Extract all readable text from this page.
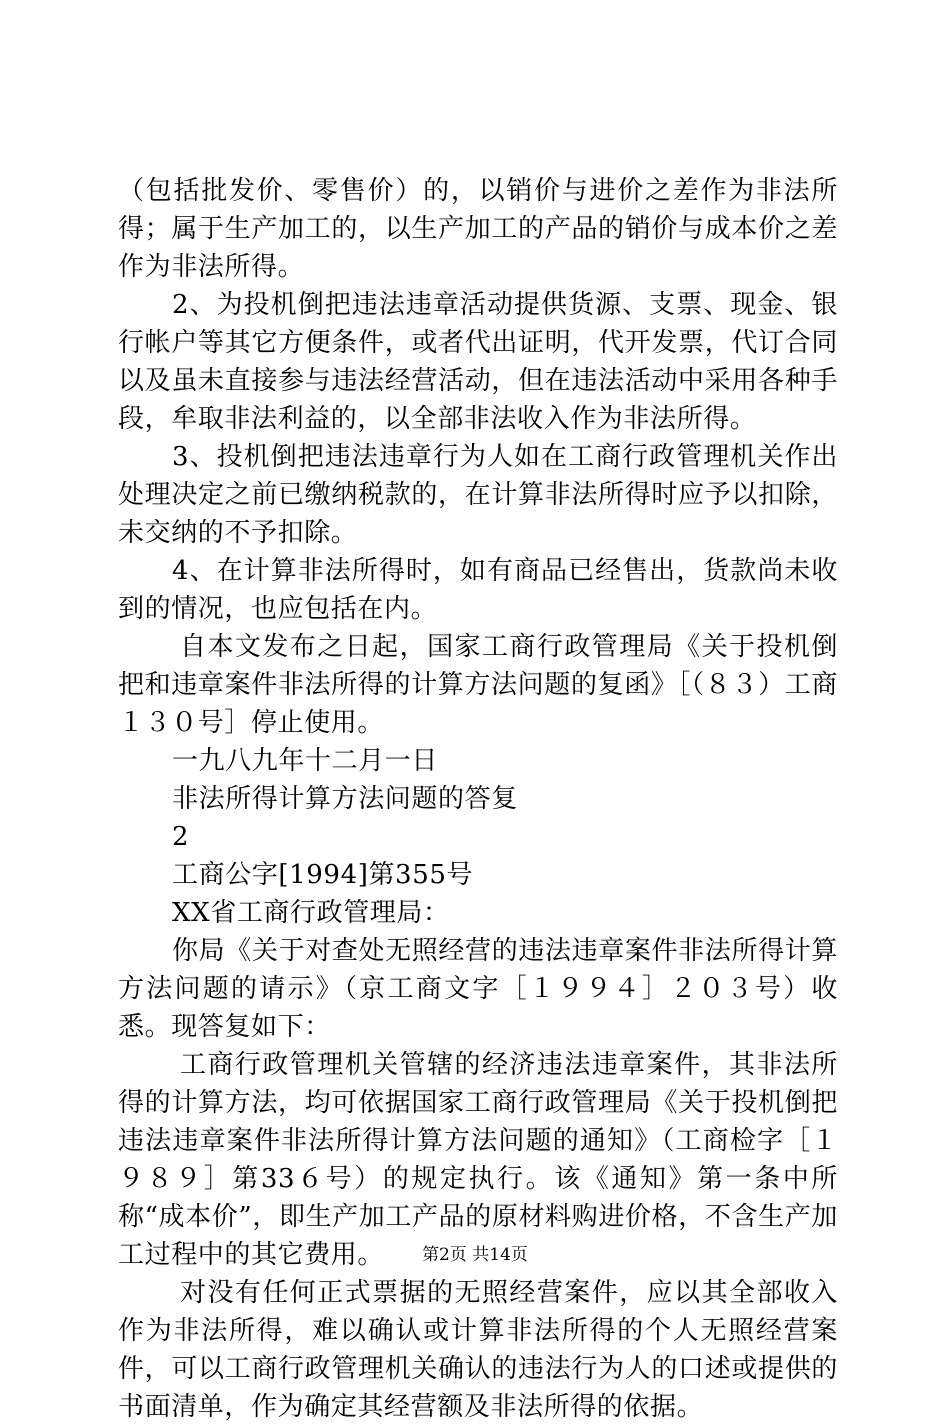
（包括批发价、零售价）的，以销价与进价之差作为非法所得；属于生产加工的，以生产加工的产品的销价与成本价之差作为非法所得。

2、为投机倒把违法违章活动提供货源、支票、现金、银行帐户等其它方便条件，或者代出证明，代开发票，代订合同以及虽未直接参与违法经营活动，但在违法活动中采用各种手段，牟取非法利益的，以全部非法收入作为非法所得。

3、投机倒把违法违章行为人如在工商行政管理机关作出处理决定之前已缴纳税款的，在计算非法所得时应予以扣除，未交纳的不予扣除。

4、在计算非法所得时，如有商品已经售出，货款尚未收到的情况，也应包括在内。

自本文发布之日起，国家工商行政管理局《关于投机倒把和违章案件非法所得的计算方法问题的复函》［（８３）工商１３０号］停止使用。

一九八九年十二月一日

非法所得计算方法问题的答复

2

工商公字[1994]第355号

XX省工商行政管理局：

你局《关于对查处无照经营的违法违章案件非法所得计算方法问题的请示》（京工商文字［１９９４］２０３号）收悉。现答复如下：

工商行政管理机关管辖的经济违法违章案件，其非法所得的计算方法，均可依据国家工商行政管理局《关于投机倒把违法违章案件非法所得计算方法问题的通知》（工商检字［１９８９］第33６号）的规定执行。该《通知》第一条中所称“成本价”，即生产加工产品的原材料购进价格，不含生产加工过程中的其它费用。

对没有任何正式票据的无照经营案件，应以其全部收入作为非法所得，难以确认或计算非法所得的个人无照经营案件，可以工商行政管理机关确认的违法行为人的口述或提供的书面清单，作为确定其经营额及非法所得的依据。

第2页 共14页
